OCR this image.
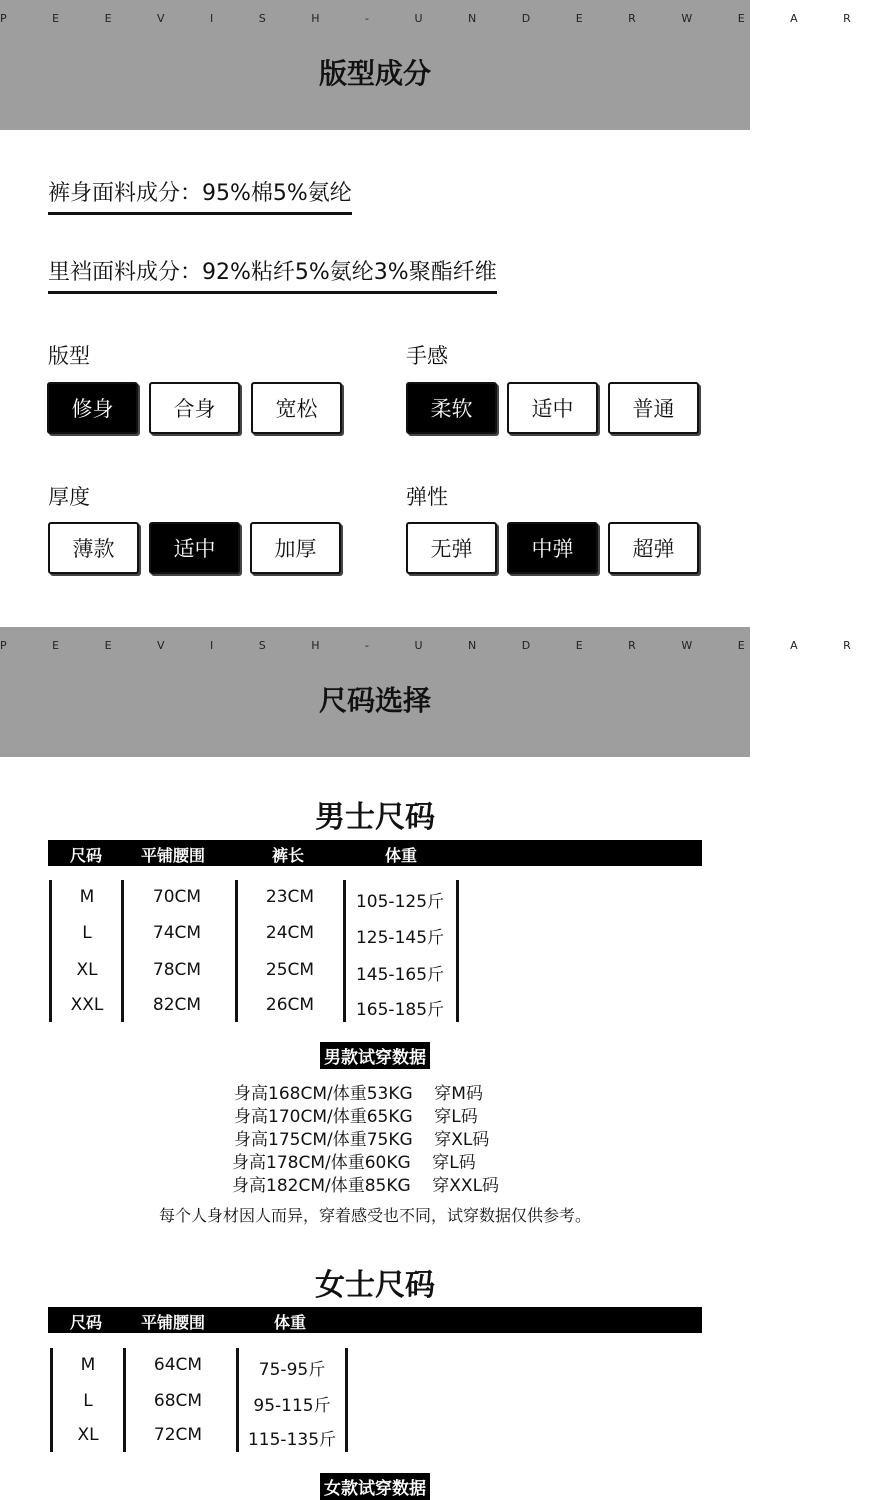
P E E V I S H - U N D E R W E A R
版型成分
裤身面料成分：95%棉5%氨纶
里裆面料成分：92%粘纤5%氨纶3%聚酯纤维
版型
修身	合身	宽松
手感
柔软	适中	普通
厚度
薄款	适中	加厚
弹性
无弹	中弹	超弹
P E E V I S H - U N D E R W E A R
尺码选择
男士尺码
尺码 平铺腰围	裤长	体重
M	70CM	23CM 105-125斤
L	74CM	24CM 125-145斤
XL	78CM	25CM 145-165斤
XXL	82CM	26CM 165-185斤
男款试穿数据
身高168CM/体重53KG    穿M码
身高170CM/体重65KG    穿L码
身高175CM/体重75KG    穿XL码
身高178CM/体重60KG    穿L码
身高182CM/体重85KG    穿XXL码
每个人身材因人而异，穿着感受也不同，试穿数据仅供参考。
女士尺码
尺码 平铺腰围	体重
M	64CM	75-95斤
L	68CM	95-115斤
XL	72CM	115-135斤
女款试穿数据
